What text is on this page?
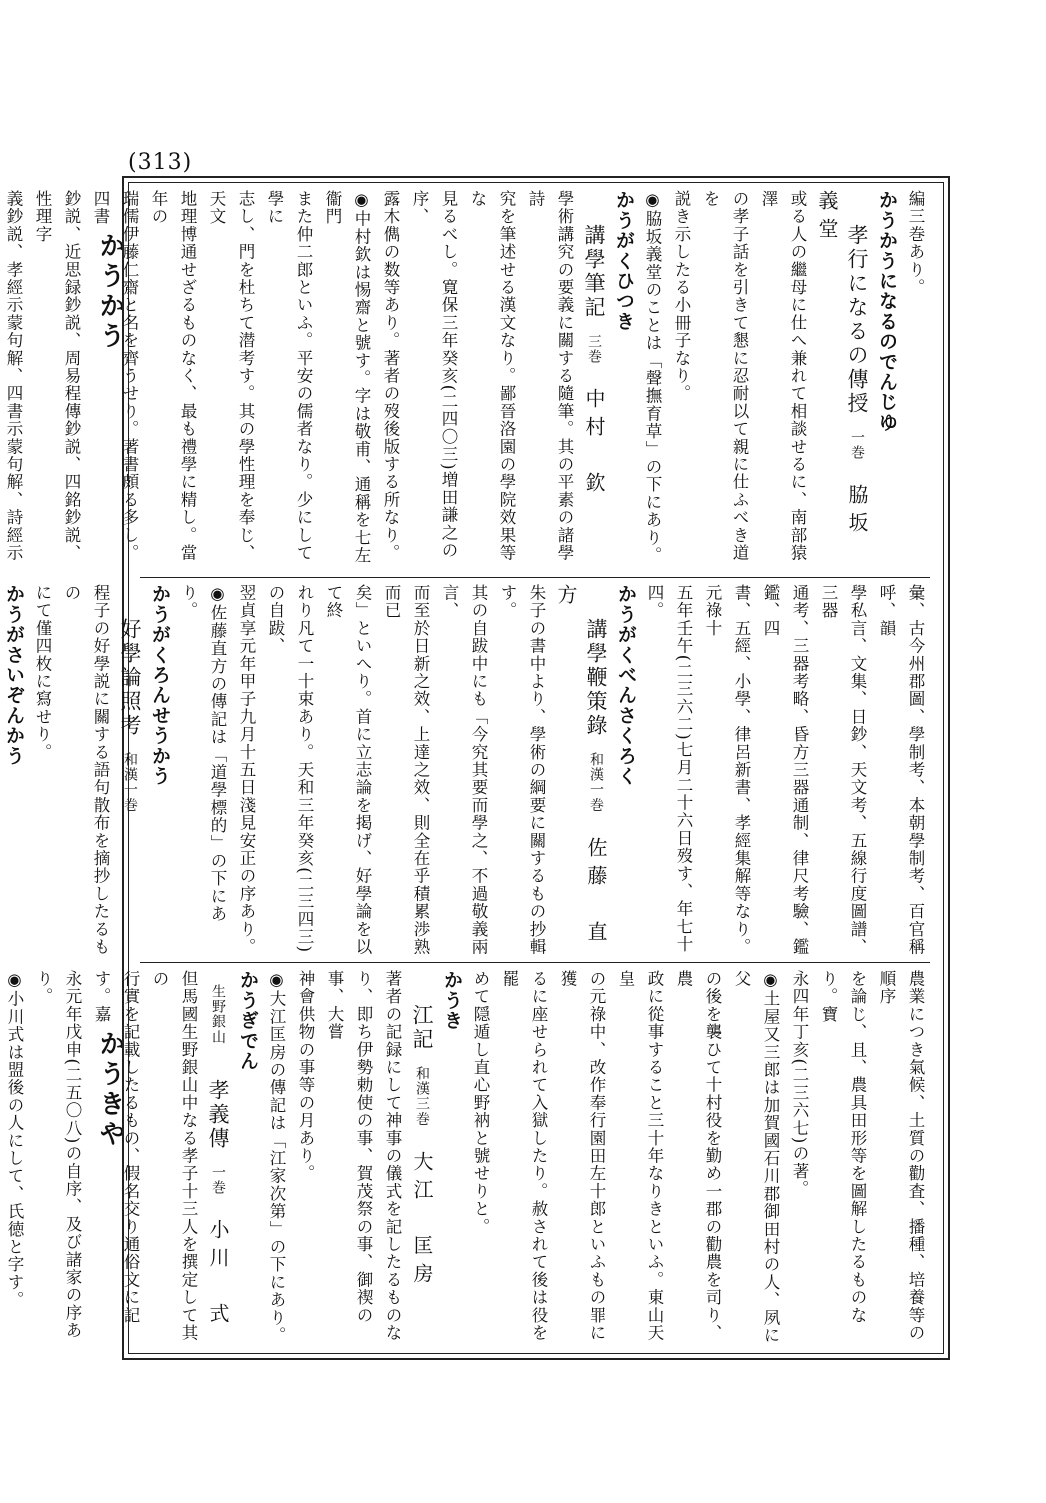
(313)
かうかう
かうきや

編三巻あり。

かうかうになるのでんじゆ

孝行になるの傳授一巻脇坂　義堂

或る人の繼母に仕へ兼れて相談せるに、南部猿澤

の孝子話を引きて懇に忍耐以て親に仕ふべき道を

説き示したる小冊子なり。

◉脇坂義堂のことは「聲撫育草」の下にあり。

かうがくひつき

講學筆記三巻中村　欽

學術講究の要義に關する隨筆。其の平素の諸學詩

究を筆述せる漢文なり。鄙晉洛園の學院效果等な

見るべし。寛保三年癸亥(二四〇三)増田謙之の序、

露木儁の数等あり。著者の歿後版する所なり。

◉中村欽は惕齋と號す。字は敬甫、通稱を七左衞門

また仲二郎といふ。平安の儒者なり。少にして學に

志し、門を杜ちて潜考す。其の學性理を奉じ、天文

地理博通せざるものなく、最も禮學に精し。當年の

瑞儒伊藤仁齋と名を齊うせり。著書頗る多し。四書

鈔説、近思録鈔説、周易程傳鈔説、四銘鈔説、性理字

義鈔説、孝經示蒙句解、四書示蒙句解、詩經示

彙、古今州郡圖、學制考、本朝學制考、百官稱呼、韻

學私言、文集、日鈔、天文考、五線行度圖譜、三器

通考、三器考略、昏方三器通制、律尺考驗、鑑鑑、四

書、五經、小學、律呂新書、孝經集解等なり。元祿十

五年壬午(二三六二)七月二十六日歿す、年七十四。

かうがくべんさくろく

講學鞭策錄和漢一巻佐藤　直方

朱子の書中より、學術の綱要に關するもの抄輯す。

其の自跋中にも「今究其要而學之、不過敬義兩言、

而至於日新之效、上達之效、則全在乎積累渉熟而已

矣」といへり。首に立志論を掲げ、好學論を以て終

れり凡て一十束あり。天和三年癸亥(二三四三)の自跋、

翌貞享元年甲子九月十五日淺見安正の序あり。

◉佐藤直方の傳記は「道學標的」の下にあり。

かうがくろんせうかう

好學論照考和漢一巻

程子の好學説に關する語句散布を摘抄したるもの

にて僅四枚に寫せり。

かうがさいぞんかう

農業につき氣候、土質の勸査、播種、培養等の順序

を論じ、且、農具田形等を圖解したるものなり。寶

永四年丁亥(二三六七)の著。

◉土屋又三郎は加賀國石川郡御田村の人、夙に父

の後を襲ひて十村役を勤め一郡の勸農を司り、農

政に從事すること三十年なりきといふ。東山天皇

の元祿中、改作奉行園田左十郎といふもの罪に獲

るに座せられて入獄したり。赦されて後は役を罷

めて隠遁し直心野衲と號せりと。

かうき

江記和漢三巻大江　匡房

著者の記録にして神事の儀式を記したるものな

り、即ち伊勢勅使の事、賀茂祭の事、御禊の事、大嘗

神會供物の事等の月あり。

◉大江匡房の傳記は「江家次第」の下にあり。

かうぎでん

生野銀山孝義傳一巻小川　式

但馬國生野銀山中なる孝子十三人を撰定して其の

行實を記載したるもの、假名交り通俗文に記す。嘉

永元年戊申(二五〇八)の自序、及び諸家の序あり。

◉小川式は盟後の人にして、氏徳と字す。
